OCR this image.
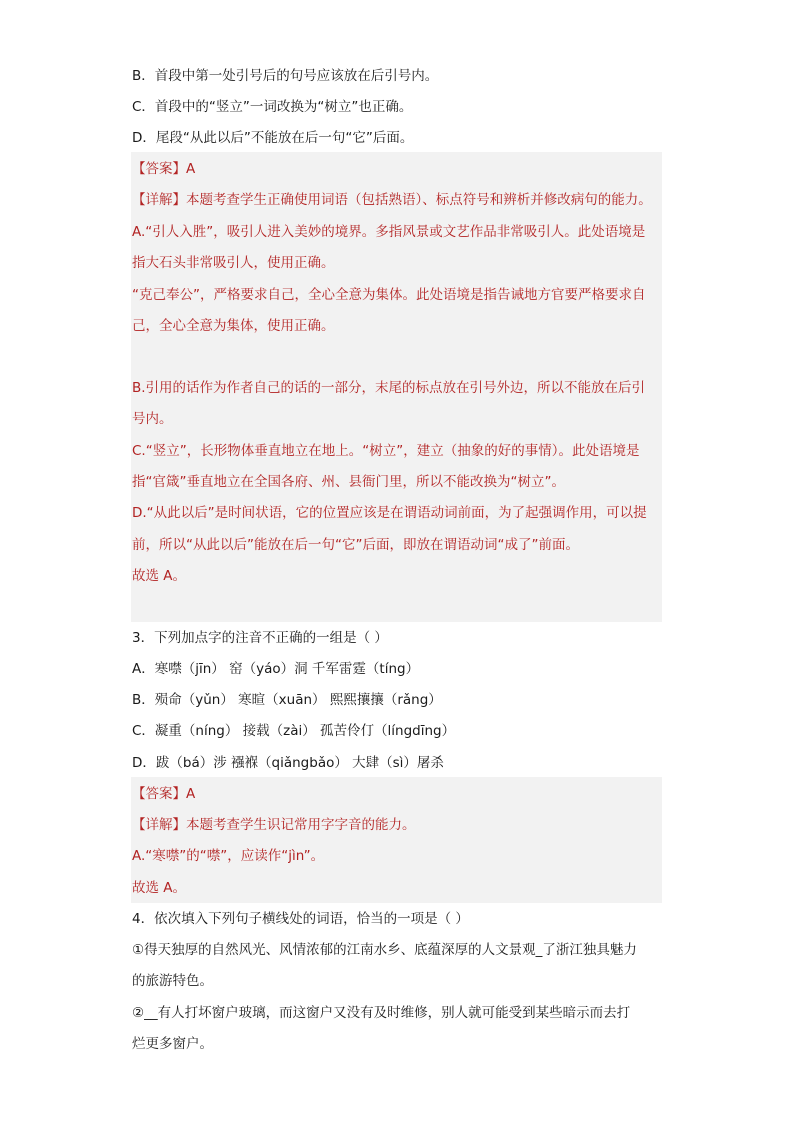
B．首段中第一处引号后的句号应该放在后引号内。
C．首段中的“竖立”一词改换为“树立”也正确。
D．尾段“从此以后”不能放在后一句“它”后面。
【答案】A
【详解】本题考查学生正确使用词语（包括熟语）、标点符号和辨析并修改病句的能力。
A.“引人入胜”，吸引人进入美妙的境界。多指风景或文艺作品非常吸引人。此处语境是
指大石头非常吸引人，使用正确。
“克己奉公”，严格要求自己，全心全意为集体。此处语境是指告诫地方官要严格要求自
己，全心全意为集体，使用正确。
B.引用的话作为作者自己的话的一部分，末尾的标点放在引号外边，所以不能放在后引
号内。
C.“竖立”，长形物体垂直地立在地上。“树立”，建立（抽象的好的事情）。此处语境是
指“官箴”垂直地立在全国各府、州、县衙门里，所以不能改换为“树立”。
D.“从此以后”是时间状语，它的位置应该是在谓语动词前面，为了起强调作用，可以提
前，所以“从此以后”能放在后一句“它”后面，即放在谓语动词“成了”前面。
故选 A。
3．下列加点字的注音不正确的一组是（ ）
A．寒噤（jīn） 窑（yáo）洞 千军雷霆（tíng）
B．殒命（yǔn） 寒暄（xuān） 熙熙攘攘（rǎng）
C．凝重（níng） 接载（zài） 孤苦伶仃（língdīng）
D．跋（bá）涉 襁褓（qiǎngbǎo） 大肆（sì）屠杀
【答案】A
【详解】本题考查学生识记常用字字音的能力。
A.“寒噤”的“噤”，应读作“jìn”。
故选 A。
4．依次填入下列句子横线处的词语，恰当的一项是（ ）
①得天独厚的自然风光、风情浓郁的江南水乡、底蕴深厚的人文景观_了浙江独具魅力
的旅游特色。
②__有人打坏窗户玻璃，而这窗户又没有及时维修，别人就可能受到某些暗示而去打
烂更多窗户。
